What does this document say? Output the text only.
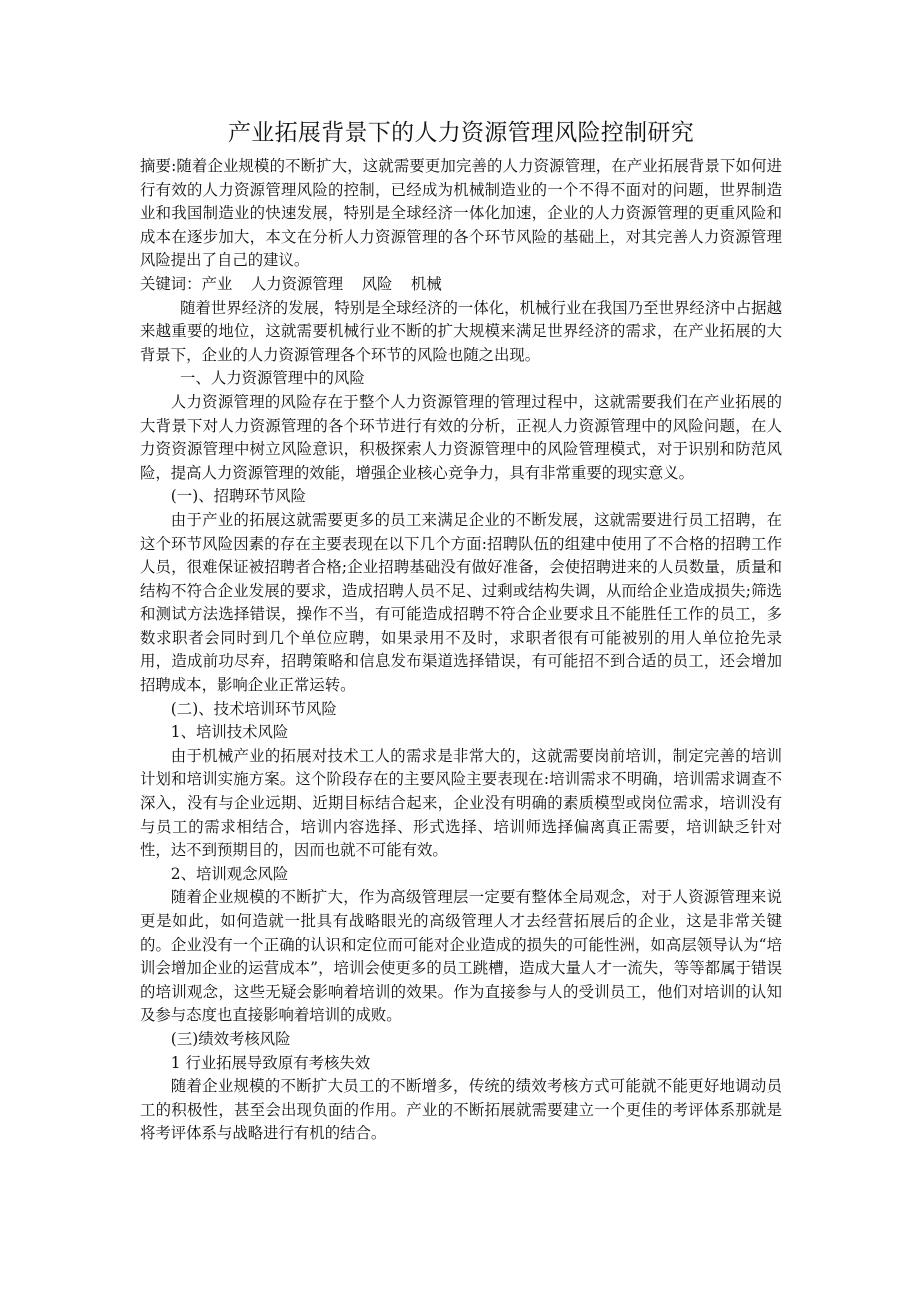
产业拓展背景下的人力资源管理风险控制研究

摘要:随着企业规模的不断扩大，这就需要更加完善的人力资源管理，在产业拓展背景下如何进行有效的人力资源管理风险的控制，已经成为机械制造业的一个不得不面对的问题，世界制造业和我国制造业的快速发展，特别是全球经济一体化加速，企业的人力资源管理的更重风险和成本在逐步加大，本文在分析人力资源管理的各个环节风险的基础上，对其完善人力资源管理风险提出了自己的建议。

关键词：产业 人力资源管理 风险 机械

随着世界经济的发展，特别是全球经济的一体化，机械行业在我国乃至世界经济中占据越来越重要的地位，这就需要机械行业不断的扩大规模来满足世界经济的需求，在产业拓展的大背景下，企业的人力资源管理各个环节的风险也随之出现。

一、人力资源管理中的风险

人力资源管理的风险存在于整个人力资源管理的管理过程中，这就需要我们在产业拓展的大背景下对人力资源管理的各个环节进行有效的分析，正视人力资源管理中的风险问题，在人力资资源管理中树立风险意识，积极探索人力资源管理中的风险管理模式，对于识别和防范风险，提高人力资源管理的效能，增强企业核心竞争力，具有非常重要的现实意义。

(一)、招聘环节风险

由于产业的拓展这就需要更多的员工来满足企业的不断发展，这就需要进行员工招聘，在这个环节风险因素的存在主要表现在以下几个方面:招聘队伍的组建中使用了不合格的招聘工作人员，很难保证被招聘者合格;企业招聘基础没有做好准备，会使招聘进来的人员数量，质量和结构不符合企业发展的要求，造成招聘人员不足、过剩或结构失调，从而给企业造成损失;筛选和测试方法选择错误，操作不当，有可能造成招聘不符合企业要求且不能胜任工作的员工，多数求职者会同时到几个单位应聘，如果录用不及时，求职者很有可能被别的用人单位抢先录用，造成前功尽弃，招聘策略和信息发布渠道选择错误，有可能招不到合适的员工，还会增加招聘成本，影响企业正常运转。

(二)、技术培训环节风险

1、培训技术风险

由于机械产业的拓展对技术工人的需求是非常大的，这就需要岗前培训，制定完善的培训计划和培训实施方案。这个阶段存在的主要风险主要表现在:培训需求不明确，培训需求调查不深入，没有与企业远期、近期目标结合起来，企业没有明确的素质模型或岗位需求，培训没有与员工的需求相结合，培训内容选择、形式选择、培训师选择偏离真正需要，培训缺乏针对性，达不到预期目的，因而也就不可能有效。

2、培训观念风险

随着企业规模的不断扩大，作为高级管理层一定要有整体全局观念，对于人资源管理来说更是如此，如何造就一批具有战略眼光的高级管理人才去经营拓展后的企业，这是非常关键的。企业没有一个正确的认识和定位而可能对企业造成的损失的可能性洲，如高层领导认为“培训会增加企业的运营成本”，培训会使更多的员工跳槽，造成大量人才一流失，等等都属于错误的培训观念，这些无疑会影响着培训的效果。作为直接参与人的受训员工，他们对培训的认知及参与态度也直接影响着培训的成败。

(三)绩效考核风险

1 行业拓展导致原有考核失效

随着企业规模的不断扩大员工的不断增多，传统的绩效考核方式可能就不能更好地调动员工的积极性，甚至会出现负面的作用。产业的不断拓展就需要建立一个更佳的考评体系那就是将考评体系与战略进行有机的结合。
